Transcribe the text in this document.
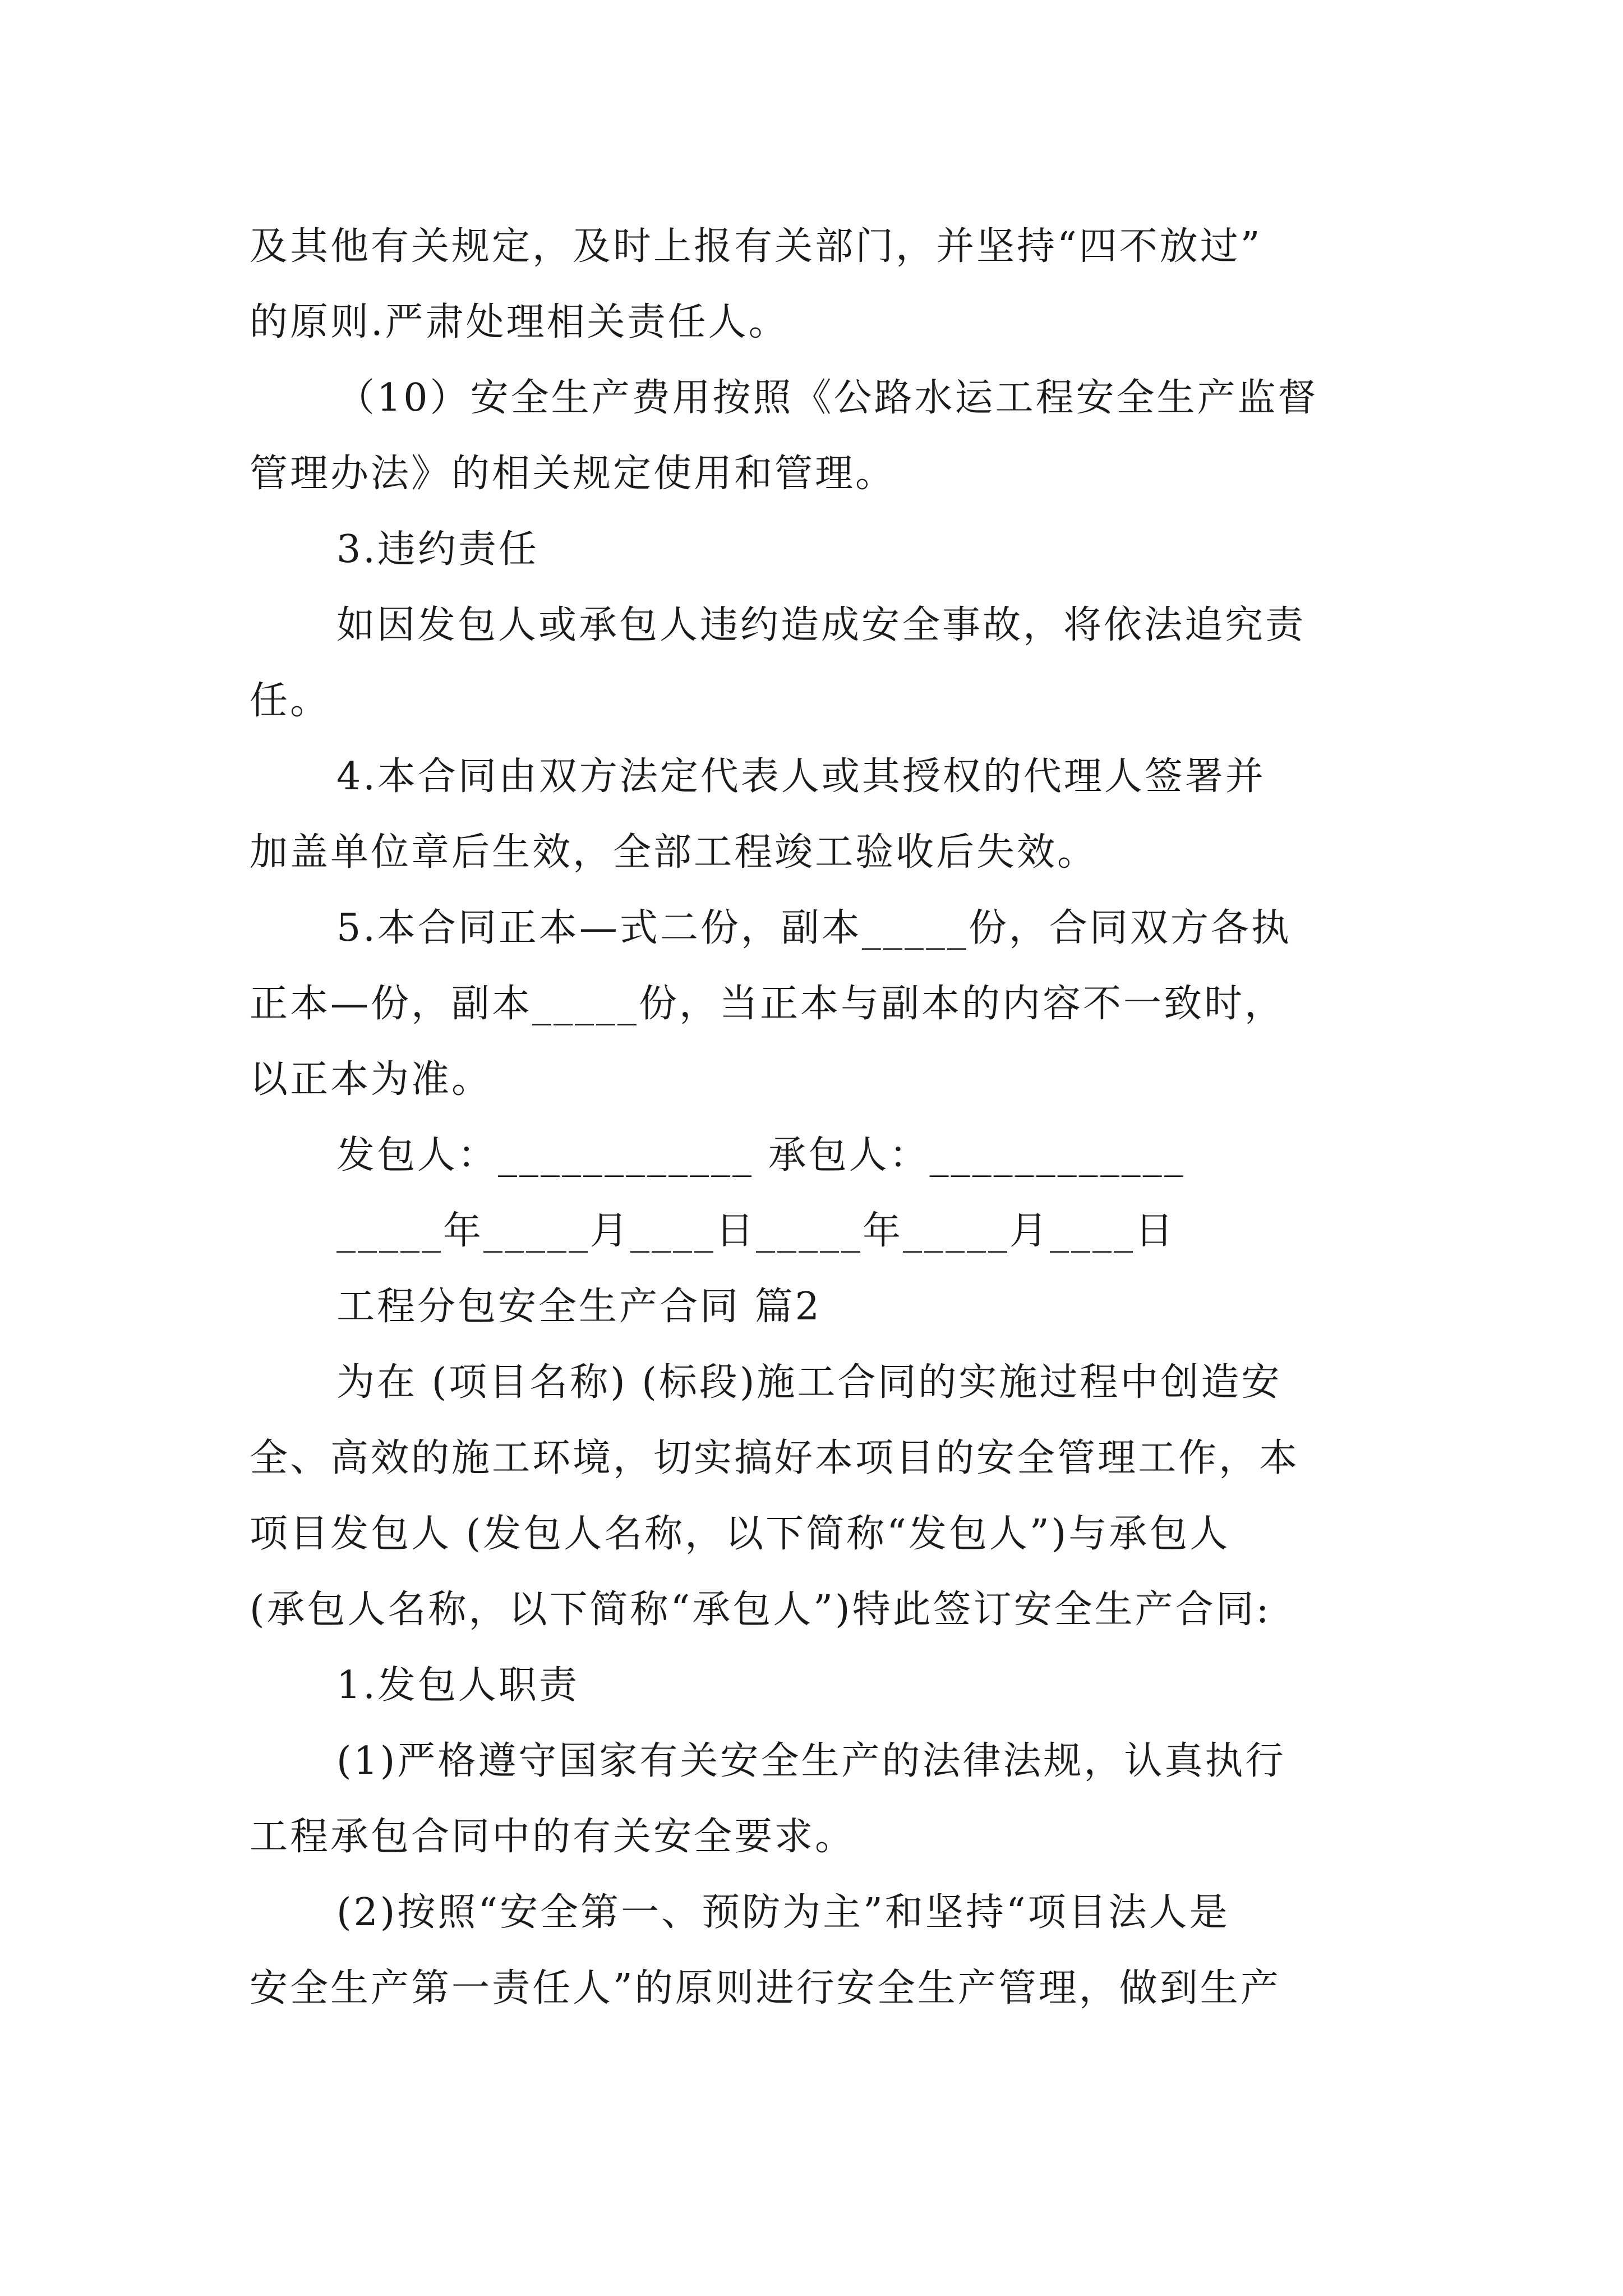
及其他有关规定，及时上报有关部门，并坚持“四不放过”
的原则.严肃处理相关责任人。
（10）安全生产费用按照《公路水运工程安全生产监督
管理办法》的相关规定使用和管理。
3.违约责任
如因发包人或承包人违约造成安全事故，将依法追究责
任。
4.本合同由双方法定代表人或其授权的代理人签署并
加盖单位章后生效，全部工程竣工验收后失效。
5.本合同正本—式二份，副本_____份，合同双方各执
正本—份，副本_____份，当正本与副本的内容不一致时，
以正本为准。
发包人：____________ 承包人：____________
_____年_____月____日_____年_____月____日
工程分包安全生产合同 篇2
为在 (项目名称) (标段)施工合同的实施过程中创造安
全、高效的施工环境，切实搞好本项目的安全管理工作，本
项目发包人 (发包人名称，以下简称“发包人”)与承包人
(承包人名称，以下简称“承包人”)特此签订安全生产合同:
1.发包人职责
(1)严格遵守国家有关安全生产的法律法规，认真执行
工程承包合同中的有关安全要求。
(2)按照“安全第一、预防为主”和坚持“项目法人是
安全生产第一责任人”的原则进行安全生产管理，做到生产
